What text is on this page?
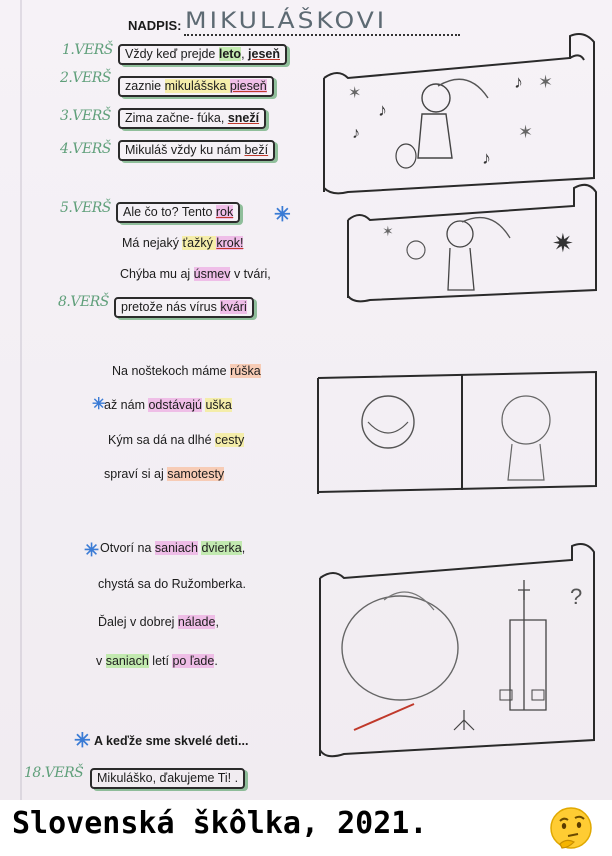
NADPIS: MIKULÁŠKOVI
1.VERŠ
2.VERŠ
3.VERŠ
4.VERŠ
5.VERŠ
8.VERŠ
18.VERŠ
Vždy keď prejde leto, jeseň
zaznie mikulášska pieseň
Zima začne- fúka, sneží
Mikuláš vždy ku nám beží
Ale čo to? Tento rok	✳
Má nejaký ťažký krok!
Chýba mu aj úsmev v tvári,
pretože nás vírus kvári
Na noštekoch máme rúška
✳
až nám odstávajú uška
Kým sa dá na dlhé cesty
spraví si aj samotesty
✳ Otvorí na saniach dvierka,
chystá sa do Ružomberka.
Ďalej v dobrej nálade,
v saniach letí po ľade.
✳ A keďže sme skvelé deti...
Mikuláško, ďakujeme Ti! .
♪
♪
♪
♪
✶
✶
✶
✷
✶
?
Slovenská škôlka, 2021.
